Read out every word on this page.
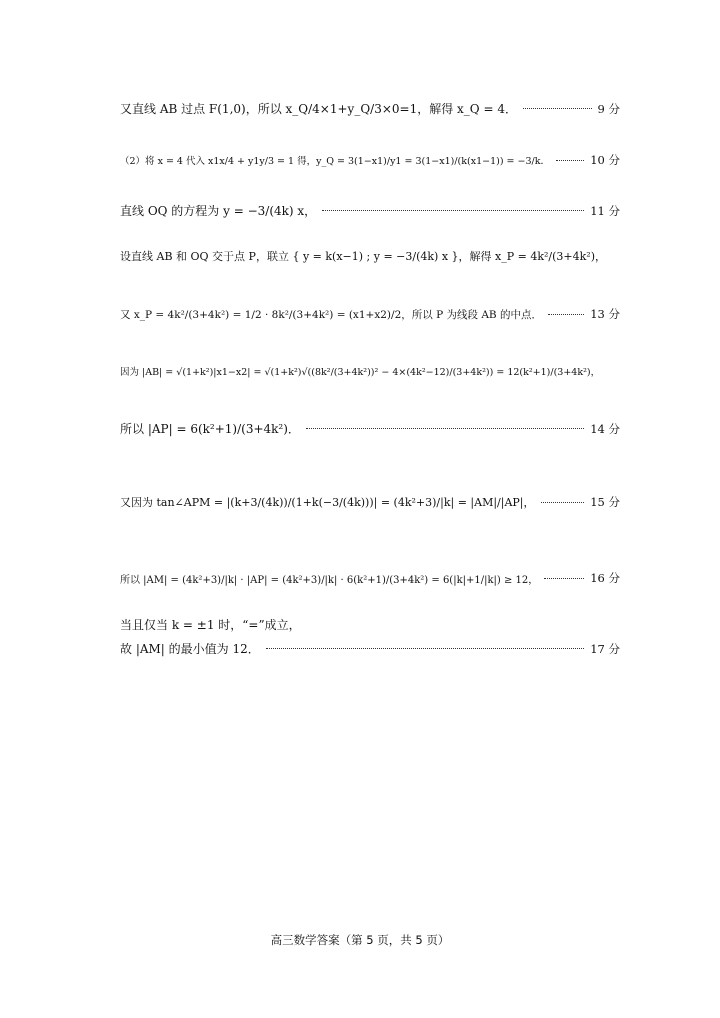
又直线 AB 过点 F(1,0)，所以 x_Q/4×1+y_Q/3×0=1，解得 x_Q = 4．	9 分
（2）将 x = 4 代入 x1x/4 + y1y/3 = 1 得，y_Q = 3(1−x1)/y1 = 3(1−x1)/(k(x1−1)) = −3/k．	10 分
直线 OQ 的方程为 y = −3/(4k) x，	11 分
设直线 AB 和 OQ 交于点 P，联立 { y = k(x−1) ; y = −3/(4k) x }，解得 x_P = 4k²/(3+4k²)，
又 x_P = 4k²/(3+4k²) = 1/2 · 8k²/(3+4k²) = (x1+x2)/2，所以 P 为线段 AB 的中点．	13 分
因为 |AB| = √(1+k²)|x1−x2| = √(1+k²)√((8k²/(3+4k²))² − 4×(4k²−12)/(3+4k²)) = 12(k²+1)/(3+4k²)，
所以 |AP| = 6(k²+1)/(3+4k²)．	14 分
又因为 tan∠APM = |(k+3/(4k))/(1+k(−3/(4k)))| = (4k²+3)/|k| = |AM|/|AP|，	15 分
所以 |AM| = (4k²+3)/|k| · |AP| = (4k²+3)/|k| · 6(k²+1)/(3+4k²) = 6(|k|+1/|k|) ≥ 12，	16 分
当且仅当 k = ±1 时，“=”成立，
故 |AM| 的最小值为 12．	17 分
高三数学答案（第 5 页，共 5 页）
